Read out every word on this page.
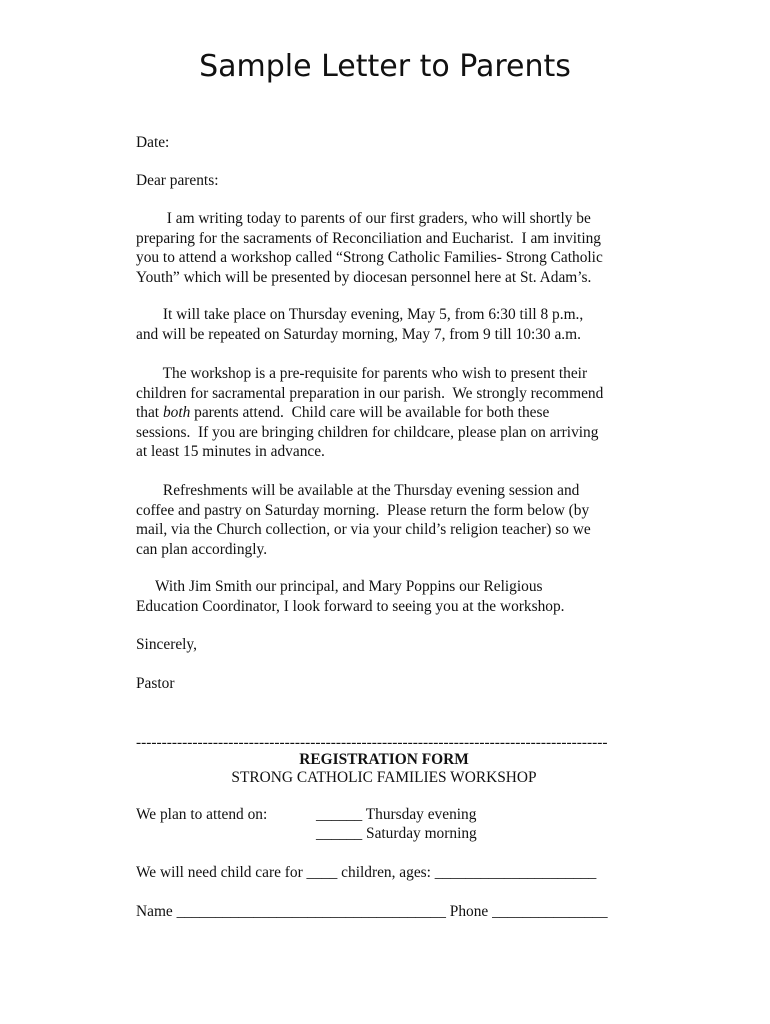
Sample Letter to Parents

Date:

Dear parents:

I am writing today to parents of our first graders, who will shortly be
preparing for the sacraments of Reconciliation and Eucharist.  I am inviting
you to attend a workshop called “Strong Catholic Families- Strong Catholic
Youth” which will be presented by diocesan personnel here at St. Adam’s.
It will take place on Thursday evening, May 5, from 6:30 till 8 p.m.,
and will be repeated on Saturday morning, May 7, from 9 till 10:30 a.m.
The workshop is a pre-requisite for parents who wish to present their
children for sacramental preparation in our parish.  We strongly recommend
that both parents attend.  Child care will be available for both these
sessions.  If you are bringing children for childcare, please plan on arriving
at least 15 minutes in advance.
Refreshments will be available at the Thursday evening session and
coffee and pastry on Saturday morning.  Please return the form below (by
mail, via the Church collection, or via your child’s religion teacher) so we
can plan accordingly.
With Jim Smith our principal, and Mary Poppins our Religious
Education Coordinator, I look forward to seeing you at the workshop.

Sincerely,

Pastor

--------------------------------------------------------------------------------------------
REGISTRATION FORM
STRONG CATHOLIC FAMILIES WORKSHOP
We plan to attend on:	______ Thursday evening
______ Saturday morning
We will need child care for ____ children, ages: _____________________
Name ___________________________________ Phone _______________
